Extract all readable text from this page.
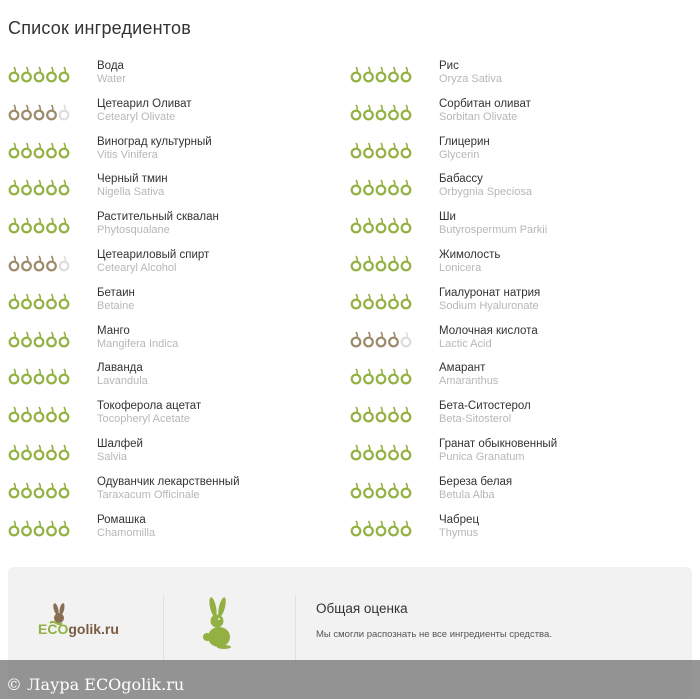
Список ингредиентов
Вода
Water
Цетеарил Оливат
Cetearyl Olivate
Виноград культурный
Vitis Vinifera
Черный тмин
Nigella Sativa
Растительный сквалан
Phytosqualane
Цетеариловый спирт
Cetearyl Alcohol
Бетаин
Betaine
Манго
Mangifera Indica
Лаванда
Lavandula
Токоферола ацетат
Tocopheryl Acetate
Шалфей
Salvia
Одуванчик лекарственный
Taraxacum Officinale
Ромашка
Chamomilla
Рис
Oryza Sativa
Сорбитан оливат
Sorbitan Olivate
Глицерин
Glycerin
Бабассу
Orbygnia Speciosa
Ши
Butyrospermum Parkii
Жимолость
Lonicera
Гиалуронат натрия
Sodium Hyaluronate
Молочная кислота
Lactic Acid
Амарант
Amaranthus
Бета-Ситостерол
Beta-Sitosterol
Гранат обыкновенный
Punica Granatum
Береза белая
Betula Alba
Чабрец
Thymus
ECOgolik.ru
Общая оценка
Мы смогли распознать не все ингредиенты средства.
© Лаура ECOgolik.ru
